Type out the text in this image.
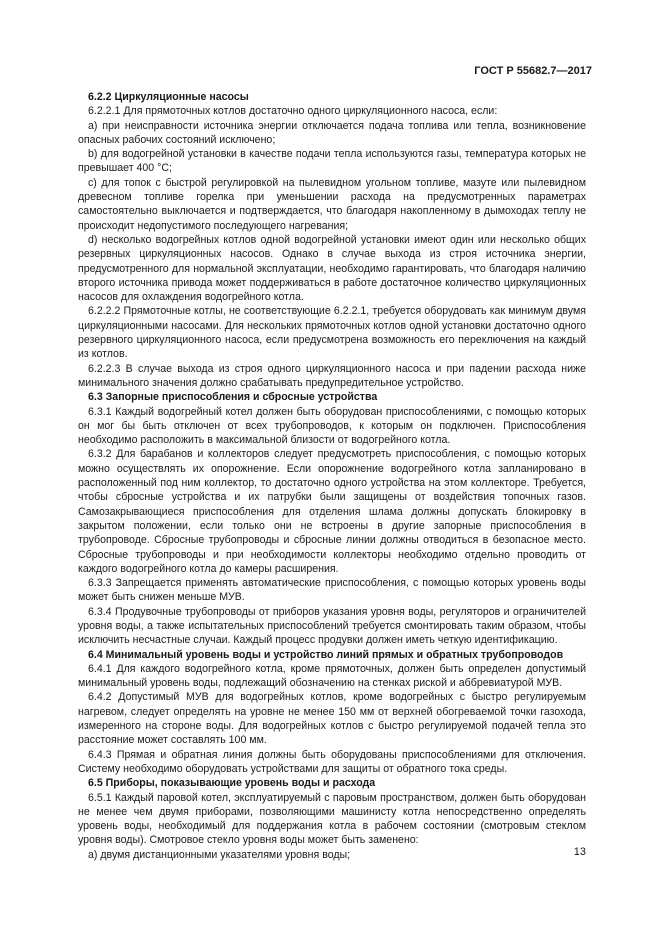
ГОСТ Р 55682.7—2017

6.2.2 Циркуляционные насосы

6.2.2.1 Для прямоточных котлов достаточно одного циркуляционного насоса, если:

а) при неисправности источника энергии отключается подача топлива или тепла, возникновение опасных рабочих состояний исключено;

b) для водогрейной установки в качестве подачи тепла используются газы, температура которых не превышает 400 °С;

с) для топок с быстрой регулировкой на пылевидном угольном топливе, мазуте или пылевидном древесном топливе горелка при уменьшении расхода на предусмотренных параметрах самостоятельно выключается и подтверждается, что благодаря накопленному в дымоходах теплу не происходит недопустимого последующего нагревания;

d) несколько водогрейных котлов одной водогрейной установки имеют один или несколько общих резервных циркуляционных насосов. Однако в случае выхода из строя источника энергии, предусмотренного для нормальной эксплуатации, необходимо гарантировать, что благодаря наличию второго источника привода может поддерживаться в работе достаточное количество циркуляционных насосов для охлаждения водогрейного котла.

6.2.2.2 Прямоточные котлы, не соответствующие 6.2.2.1, требуется оборудовать как минимум двумя циркуляционными насосами. Для нескольких прямоточных котлов одной установки достаточно одного резервного циркуляционного насоса, если предусмотрена возможность его переключения на каждый из котлов.

6.2.2.3 В случае выхода из строя одного циркуляционного насоса и при падении расхода ниже минимального значения должно срабатывать предупредительное устройство.

6.3 Запорные приспособления и сбросные устройства

6.3.1 Каждый водогрейный котел должен быть оборудован приспособлениями, с помощью которых он мог бы быть отключен от всех трубопроводов, к которым он подключен. Приспособления необходимо расположить в максимальной близости от водогрейного котла.

6.3.2 Для барабанов и коллекторов следует предусмотреть приспособления, с помощью которых можно осуществлять их опорожнение. Если опорожнение водогрейного котла запланировано в расположенный под ним коллектор, то достаточно одного устройства на этом коллекторе. Требуется, чтобы сбросные устройства и их патрубки были защищены от воздействия топочных газов. Самозакрывающиеся приспособления для отделения шлама должны допускать блокировку в закрытом положении, если только они не встроены в другие запорные приспособления в трубопроводе. Сбросные трубопроводы и сбросные линии должны отводиться в безопасное место. Сбросные трубопроводы и при необходимости коллекторы необходимо отдельно проводить от каждого водогрейного котла до камеры расширения.

6.3.3 Запрещается применять автоматические приспособления, с помощью которых уровень воды может быть снижен меньше МУВ.

6.3.4 Продувочные трубопроводы от приборов указания уровня воды, регуляторов и ограничителей уровня воды, а также испытательных приспособлений требуется смонтировать таким образом, чтобы исключить несчастные случаи. Каждый процесс продувки должен иметь четкую идентификацию.

6.4 Минимальный уровень воды и устройство линий прямых и обратных трубопроводов

6.4.1 Для каждого водогрейного котла, кроме прямоточных, должен быть определен допустимый минимальный уровень воды, подлежащий обозначению на стенках риской и аббревиатурой МУВ.

6.4.2 Допустимый МУВ для водогрейных котлов, кроме водогрейных с быстро регулируемым нагревом, следует определять на уровне не менее 150 мм от верхней обогреваемой точки газохода, измеренного на стороне воды. Для водогрейных котлов с быстро регулируемой подачей тепла это расстояние может составлять 100 мм.

6.4.3 Прямая и обратная линия должны быть оборудованы приспособлениями для отключения. Систему необходимо оборудовать устройствами для защиты от обратного тока среды.

6.5 Приборы, показывающие уровень воды и расхода

6.5.1 Каждый паровой котел, эксплуатируемый с паровым пространством, должен быть оборудован не менее чем двумя приборами, позволяющими машинисту котла непосредственно определять уровень воды, необходимый для поддержания котла в рабочем состоянии (смотровым стеклом уровня воды). Смотровое стекло уровня воды может быть заменено:

а) двумя дистанционными указателями уровня воды;	13
